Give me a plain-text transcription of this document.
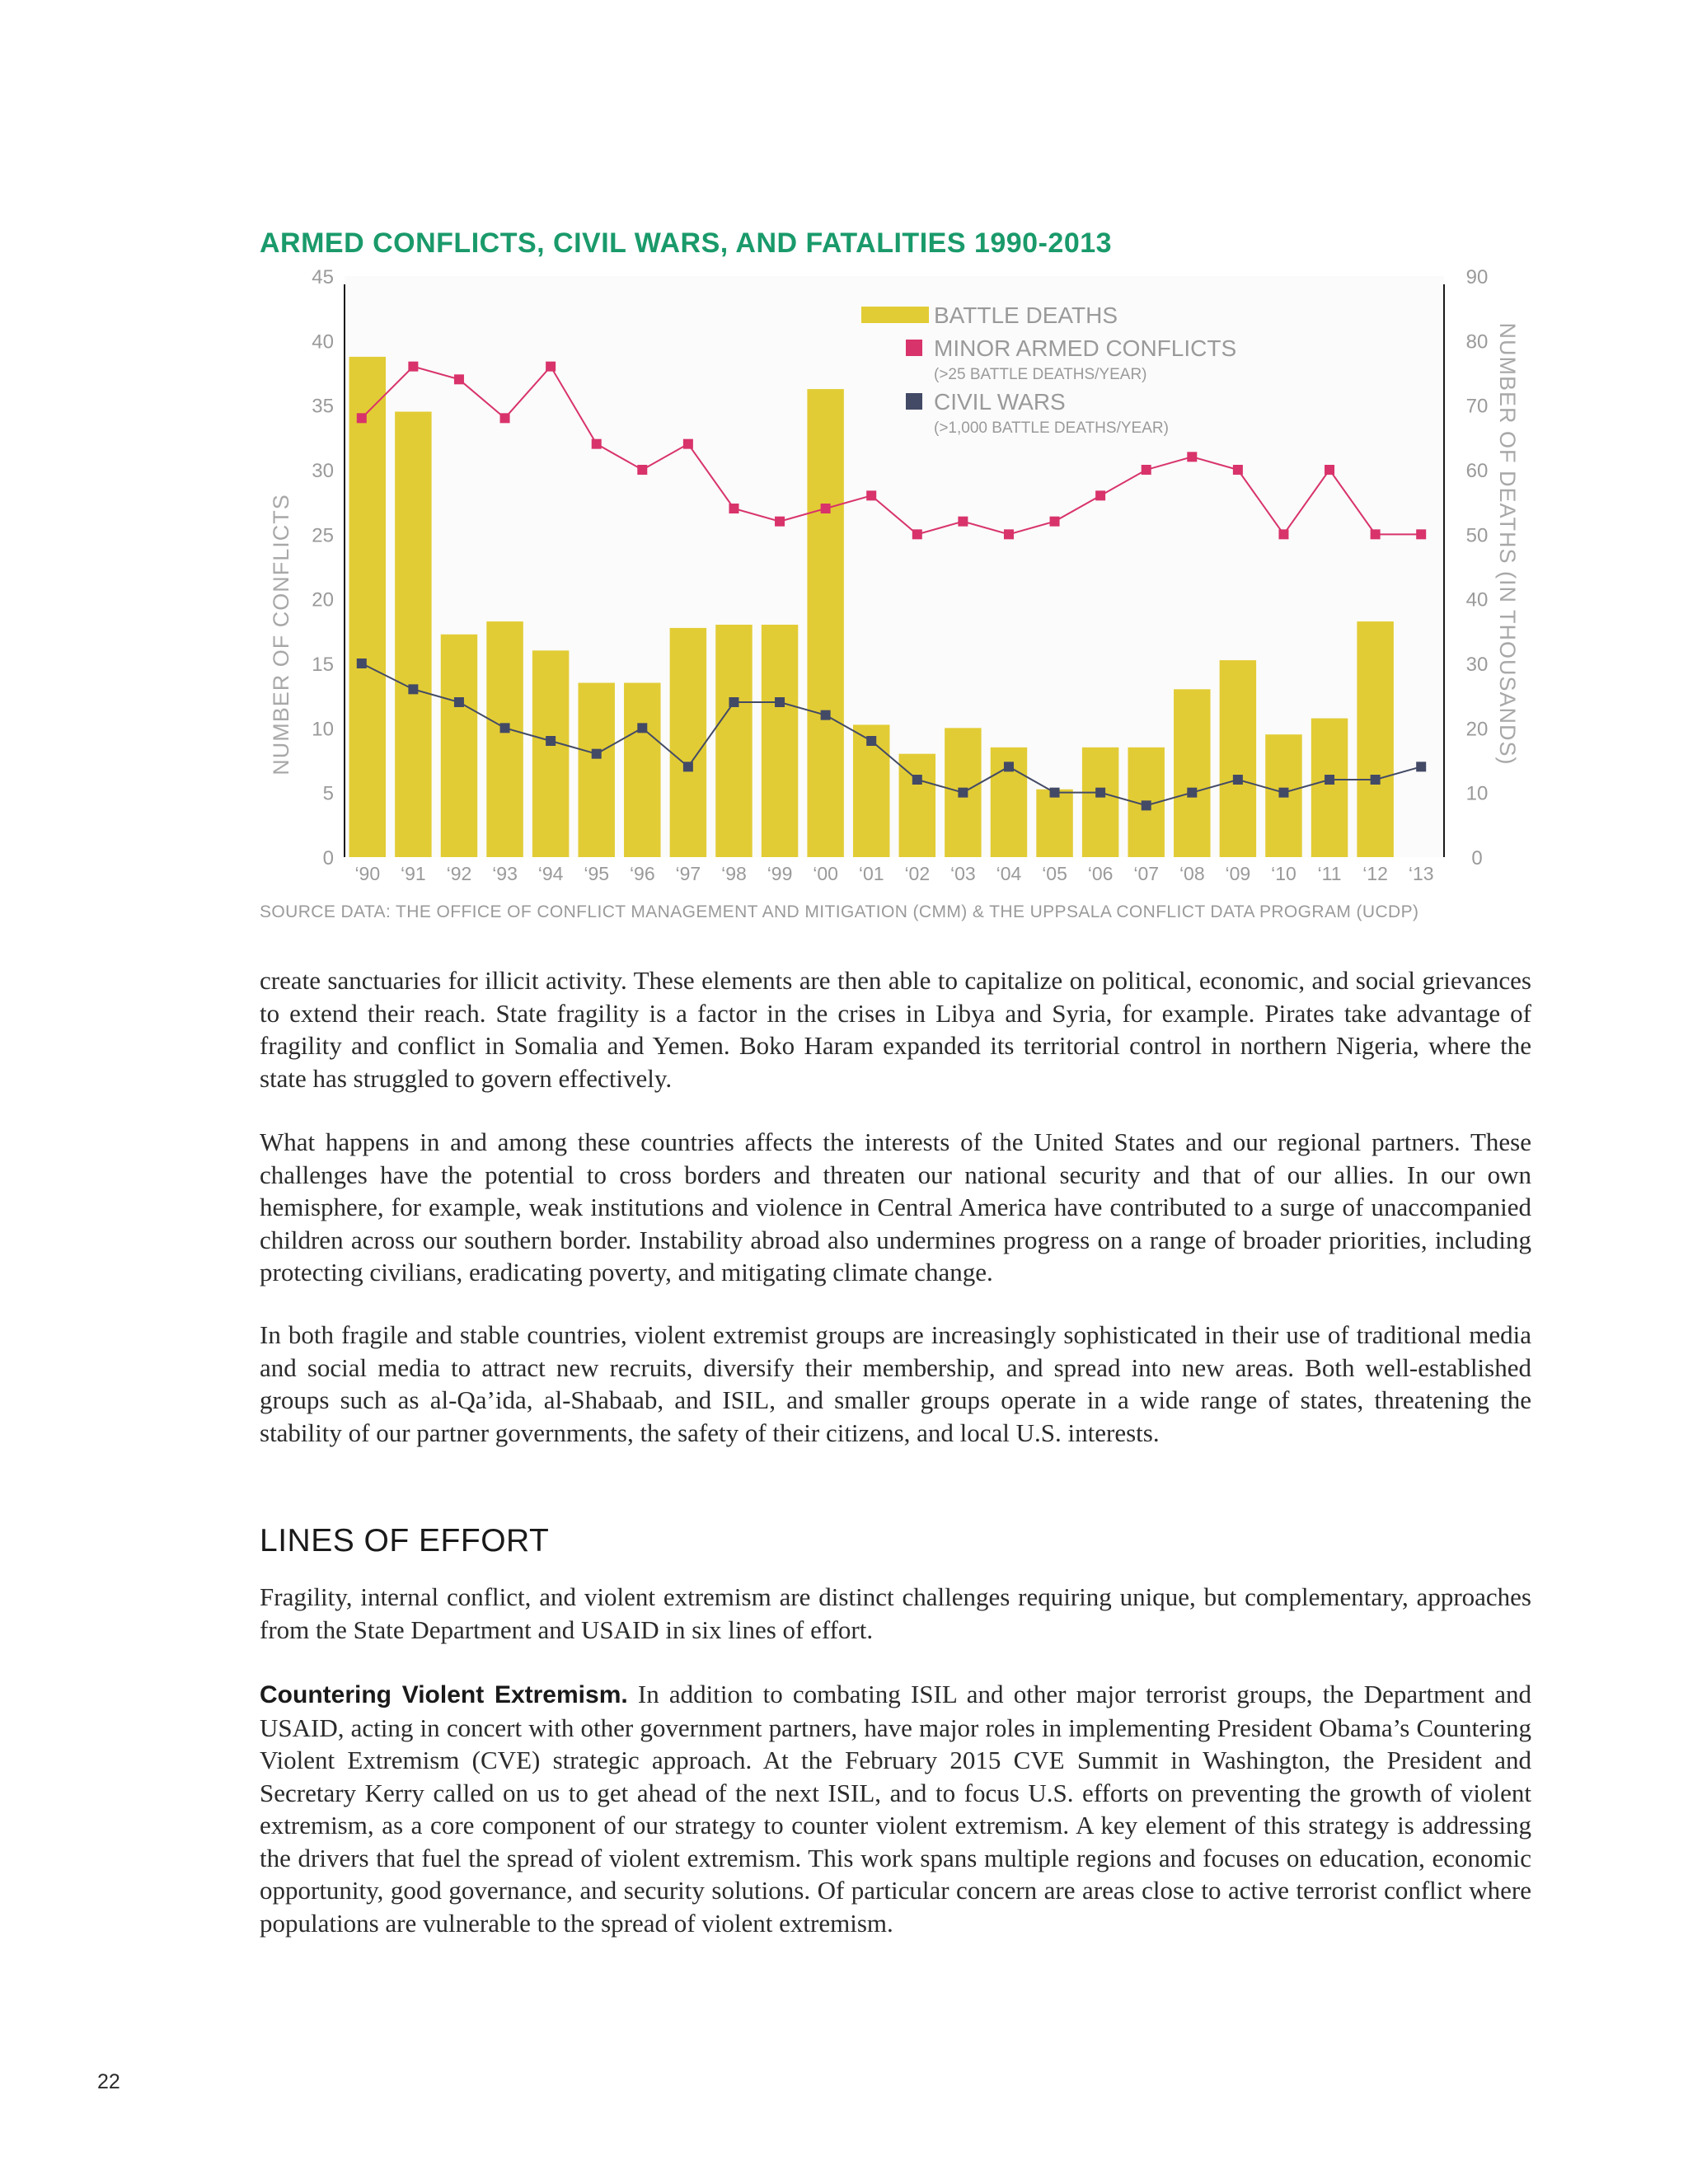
ARMED CONFLICTS, CIVIL WARS, AND FATALITIES 1990-2013
0
5
10
15
20
25
30
35
40
45
0
10
20
30
40
50
60
70
80
90
‘90 ‘91 ‘92 ‘93 ‘94 ‘95 ‘96 ‘97 ‘98 ‘99 ‘00 ‘01 ‘02 ‘03 ‘04 ‘05 ‘06 ‘07 ‘08 ‘09 ‘10 ‘11 ‘12 ‘13
NUMBER OF CONFLICTS	NUMBER OF DEATHS (IN THOUSANDS)
BATTLE DEATHS
MINOR ARMED CONFLICTS
(>25 BATTLE DEATHS/YEAR)
CIVIL WARS
(>1,000 BATTLE DEATHS/YEAR)

SOURCE DATA: THE OFFICE OF CONFLICT MANAGEMENT AND MITIGATION (CMM) & THE UPPSALA CONFLICT DATA PROGRAM (UCDP)

create sanctuaries for illicit activity. These elements are then able to capitalize on political, economic, and social grievances to extend their reach. State fragility is a factor in the crises in Libya and Syria, for example. Pirates take advantage of fragility and conflict in Somalia and Yemen. Boko Haram expanded its territorial control in northern Nigeria, where the state has struggled to govern effectively.

What happens in and among these countries affects the interests of the United States and our regional partners. These challenges have the potential to cross borders and threaten our national security and that of our allies. In our own hemisphere, for example, weak institutions and violence in Central America have contributed to a surge of unaccompanied children across our southern border. Instability abroad also undermines progress on a range of broader priorities, including protecting civilians, eradicating poverty, and mitigating climate change.

In both fragile and stable countries, violent extremist groups are increasingly sophisticated in their use of traditional media and social media to attract new recruits, diversify their membership, and spread into new areas. Both well-established groups such as al-Qa’ida, al-Shabaab, and ISIL, and smaller groups operate in a wide range of states, threatening the stability of our partner governments, the safety of their citizens, and local U.S. interests.

LINES OF EFFORT

Fragility, internal conflict, and violent extremism are distinct challenges requiring unique, but complementary, approaches from the State Department and USAID in six lines of effort.

Countering Violent Extremism. In addition to combating ISIL and other major terrorist groups, the Department and USAID, acting in concert with other government partners, have major roles in implementing President Obama’s Countering Violent Extremism (CVE) strategic approach. At the February 2015 CVE Summit in Washington, the President and Secretary Kerry called on us to get ahead of the next ISIL, and to focus U.S. efforts on preventing the growth of violent extremism, as a core component of our strategy to counter violent extremism. A key element of this strategy is addressing the drivers that fuel the spread of violent extremism. This work spans multiple regions and focuses on education, economic opportunity, good governance, and security solutions. Of particular concern are areas close to active terrorist conflict where populations are vulnerable to the spread of violent extremism.

22
